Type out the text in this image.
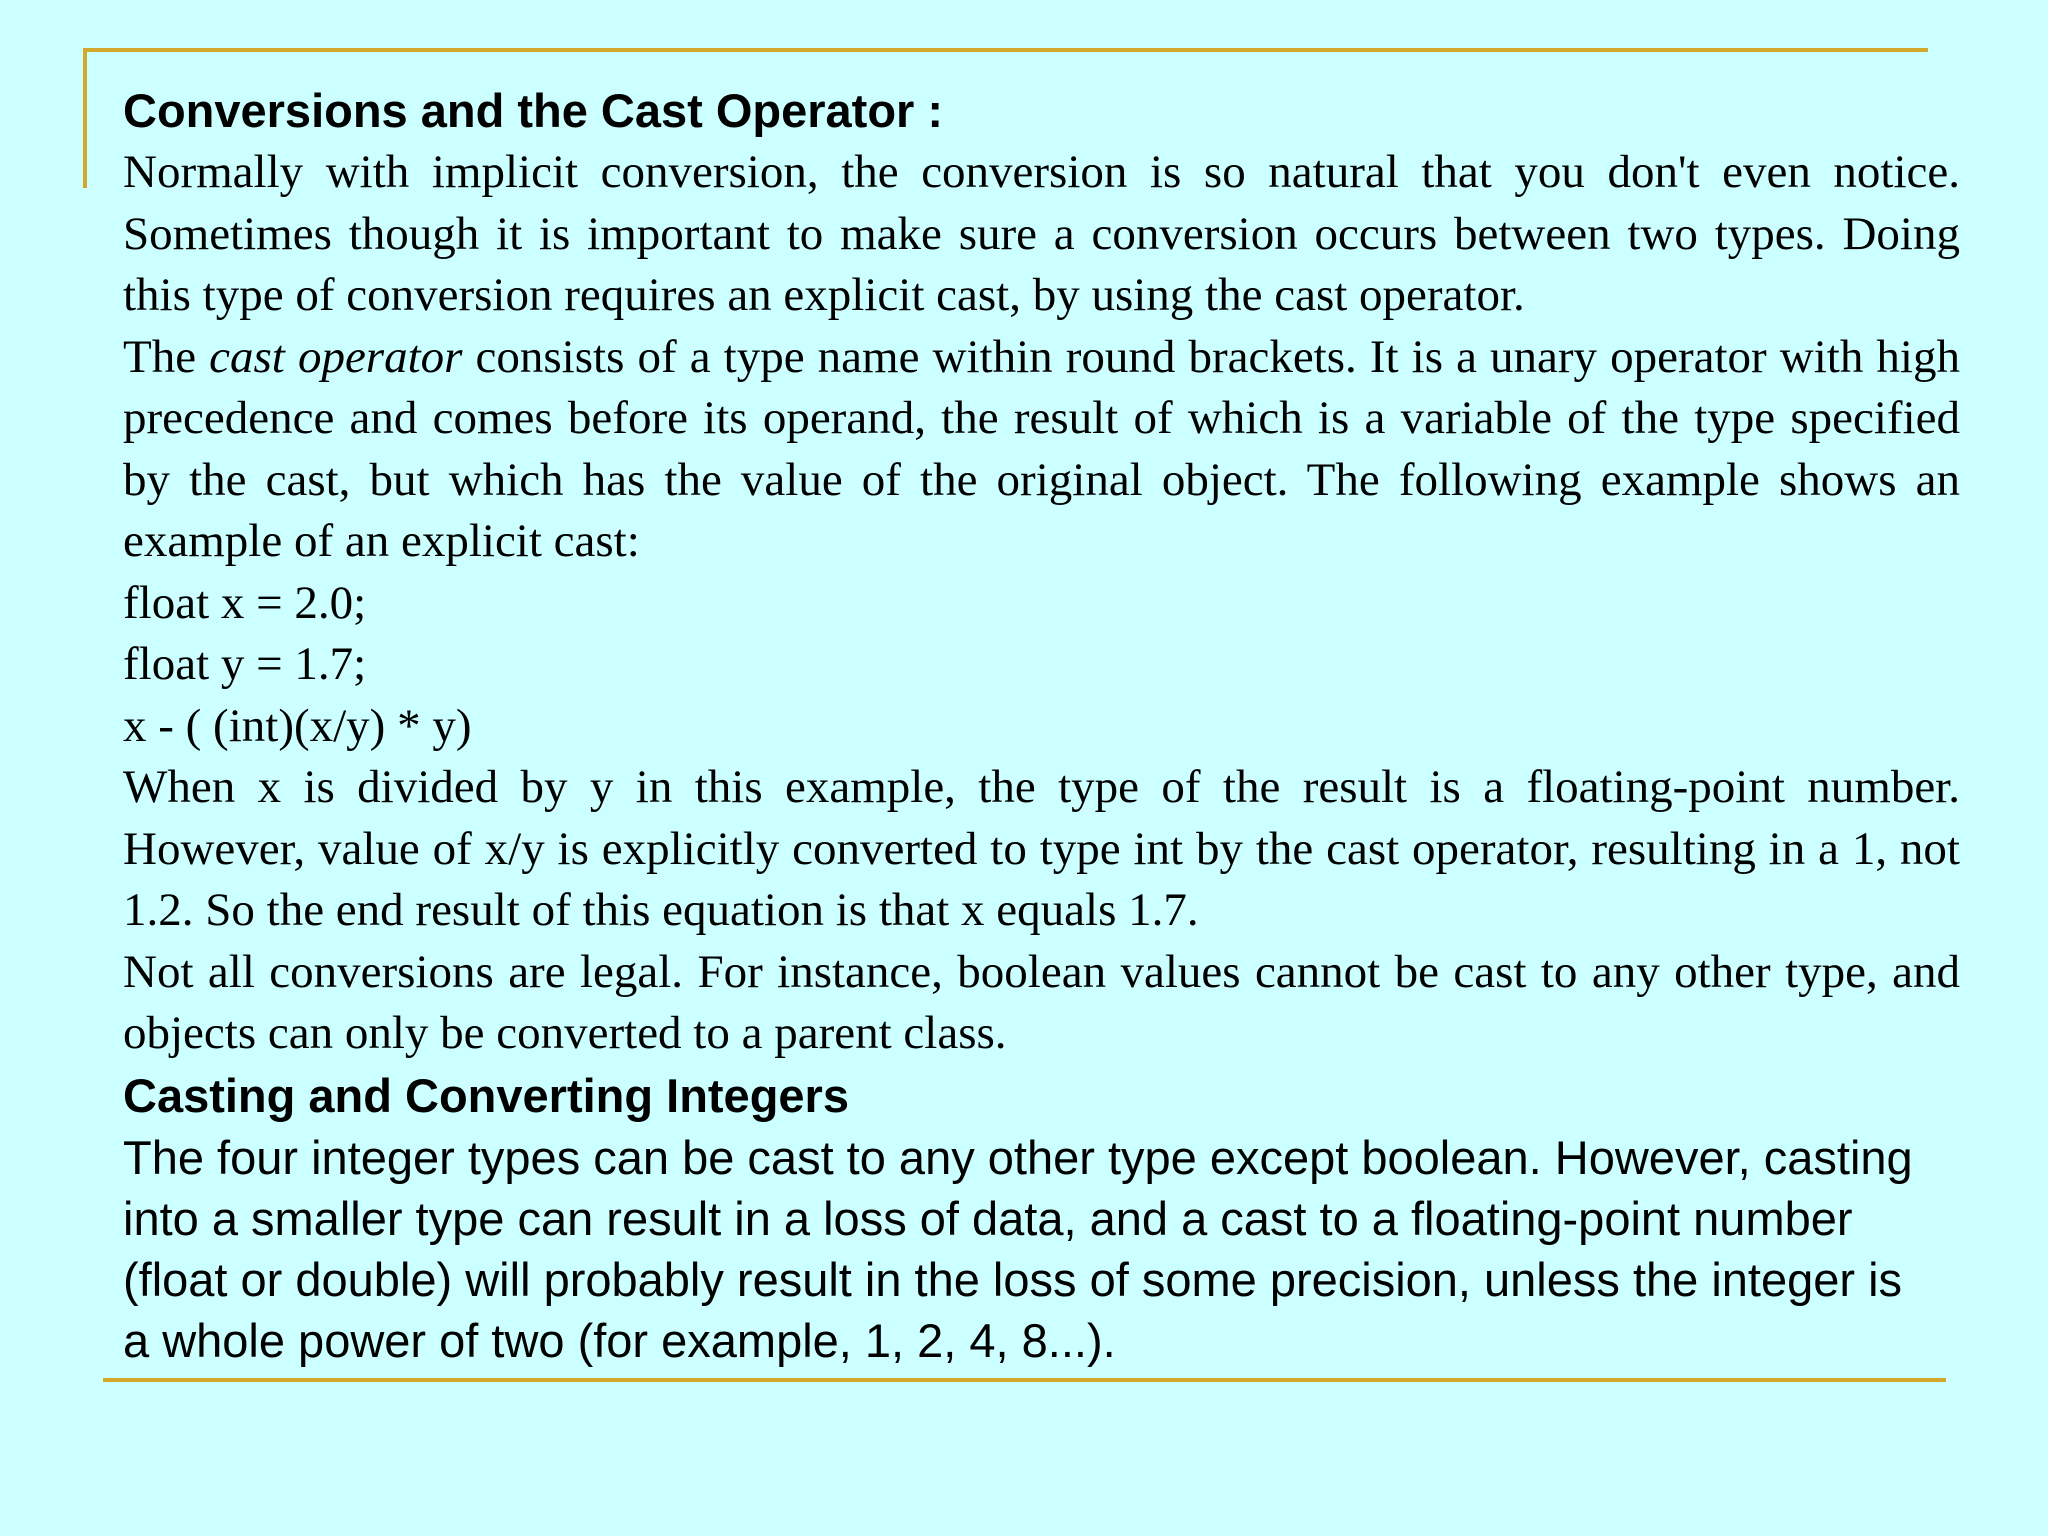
Conversions and the Cast Operator :

Normally with implicit conversion, the conversion is so natural that you don't even notice. Sometimes though it is important to make sure a conversion occurs between two types. Doing this type of conversion requires an explicit cast, by using the cast operator.

The cast operator consists of a type name within round brackets. It is a unary operator with high precedence and comes before its operand, the result of which is a variable of the type specified by the cast, but which has the value of the original object. The following example shows an example of an explicit cast:

float x = 2.0;
float y = 1.7;
x - ( (int)(x/y) * y)

When x is divided by y in this example, the type of the result is a floating-point number. However, value of x/y is explicitly converted to type int by the cast operator, resulting in a 1, not 1.2. So the end result of this equation is that x equals 1.7.

Not all conversions are legal. For instance, boolean values cannot be cast to any other type, and objects can only be converted to a parent class.

Casting and Converting Integers

The four integer types can be cast to any other type except boolean. However, casting into a smaller type can result in a loss of data, and a cast to a floating-point number (float or double) will probably result in the loss of some precision, unless the integer is a whole power of two (for example, 1, 2, 4, 8...).
